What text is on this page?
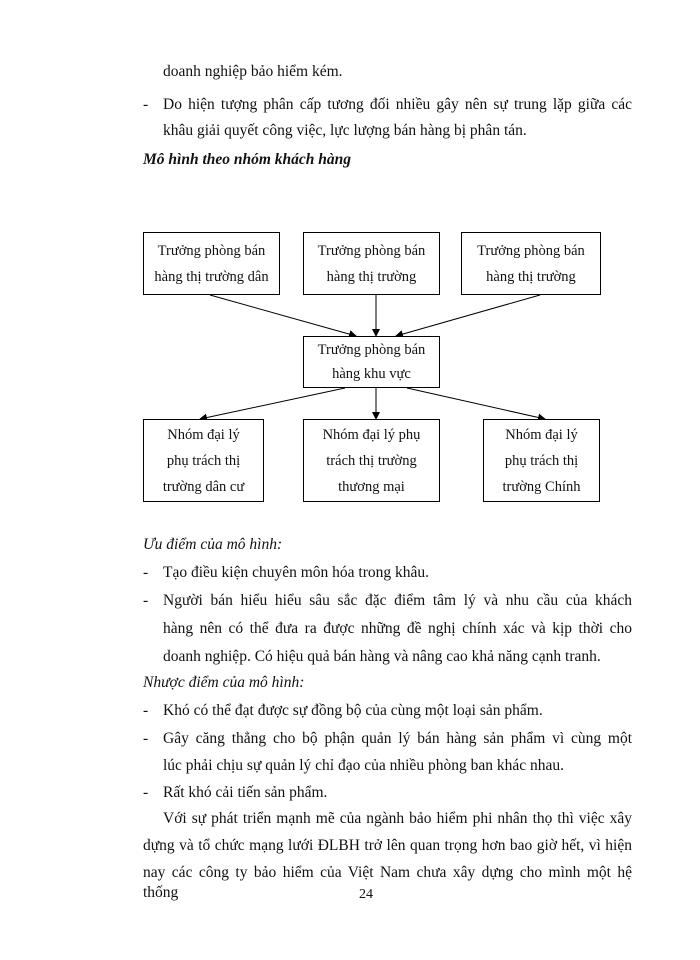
doanh nghiệp bảo hiểm kém.
- Do hiện tượng phân cấp tương đối nhiều gây nên sự trung lặp giữa các
khâu giải quyết công việc, lực lượng bán hàng bị phân tán.
Mô hình theo nhóm khách hàng
Trưởng phòng bán
hàng thị trường dân
Trưởng phòng bán
hàng thị trường
Trưởng phòng bán
hàng thị trường
Trưởng phòng bán
hàng khu vực
Nhóm đại lý
phụ trách thị
trường dân cư
Nhóm đại lý phụ
trách thị trường
thương mại
Nhóm đại lý
phụ trách thị
trường Chính
Ưu điểm của mô hình:
- Tạo điều kiện chuyên môn hóa trong khâu.
- Người bán hiểu hiểu sâu sắc đặc điểm tâm lý và nhu cầu của khách
hàng nên có thể đưa ra được những đề nghị chính xác và kịp thời cho
doanh nghiệp. Có hiệu quả bán hàng và nâng cao khả năng cạnh tranh.
Nhược điểm của mô hình:
- Khó có thể đạt được sự đồng bộ của cùng một loại sản phẩm.
- Gây căng thẳng cho bộ phận quản lý bán hàng sản phẩm vì cùng một
lúc phải chịu sự quản lý chỉ đạo của nhiều phòng ban khác nhau.
- Rất khó cải tiến sản phẩm.
Với sự phát triển mạnh mẽ của ngành bảo hiểm phi nhân thọ thì việc xây
dựng và tổ chức mạng lưới ĐLBH trở lên quan trọng hơn bao giờ hết, vì hiện
nay các công ty bảo hiểm của Việt Nam chưa xây dựng cho mình một hệ thống	24
